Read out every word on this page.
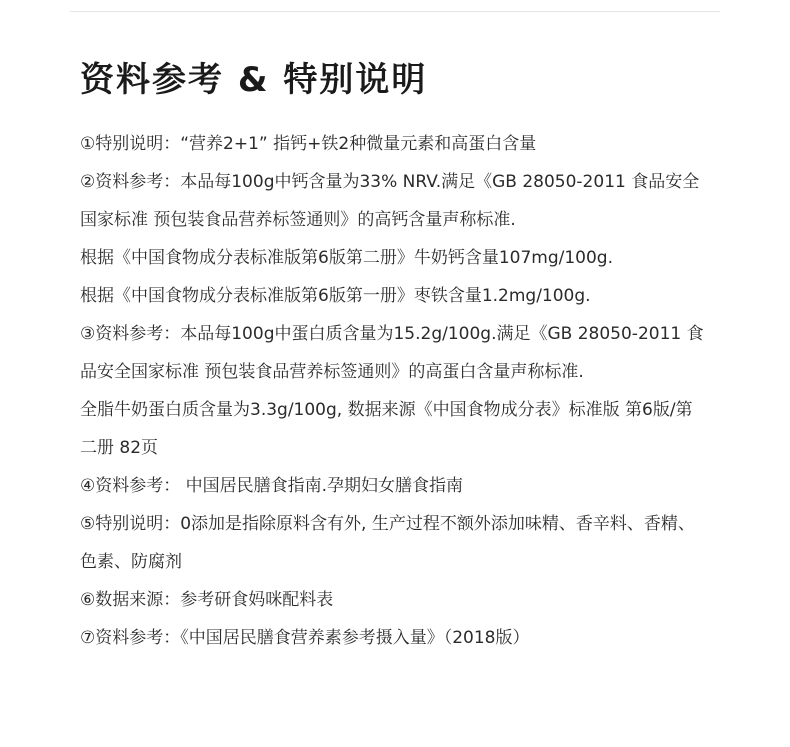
资料参考 & 特别说明
①特别说明：“营养2+1” 指钙+铁2种微量元素和高蛋白含量
②资料参考：本品每100g中钙含量为33% NRV.满足《GB 28050-2011 食品安全
国家标准 预包装食品营养标签通则》的高钙含量声称标准.
根据《中国食物成分表标准版第6版第二册》牛奶钙含量107mg/100g.
根据《中国食物成分表标准版第6版第一册》枣铁含量1.2mg/100g.
③资料参考：本品每100g中蛋白质含量为15.2g/100g.满足《GB 28050-2011 食
品安全国家标准 预包装食品营养标签通则》的高蛋白含量声称标准.
全脂牛奶蛋白质含量为3.3g/100g, 数据来源《中国食物成分表》标准版 第6版/第
二册 82页
④资料参考： 中国居民膳食指南.孕期妇女膳食指南
⑤特别说明：0添加是指除原料含有外, 生产过程不额外添加味精、香辛料、香精、
色素、防腐剂
⑥数据来源：参考研食妈咪配料表
⑦资料参考：《中国居民膳食营养素参考摄入量》（2018版）
